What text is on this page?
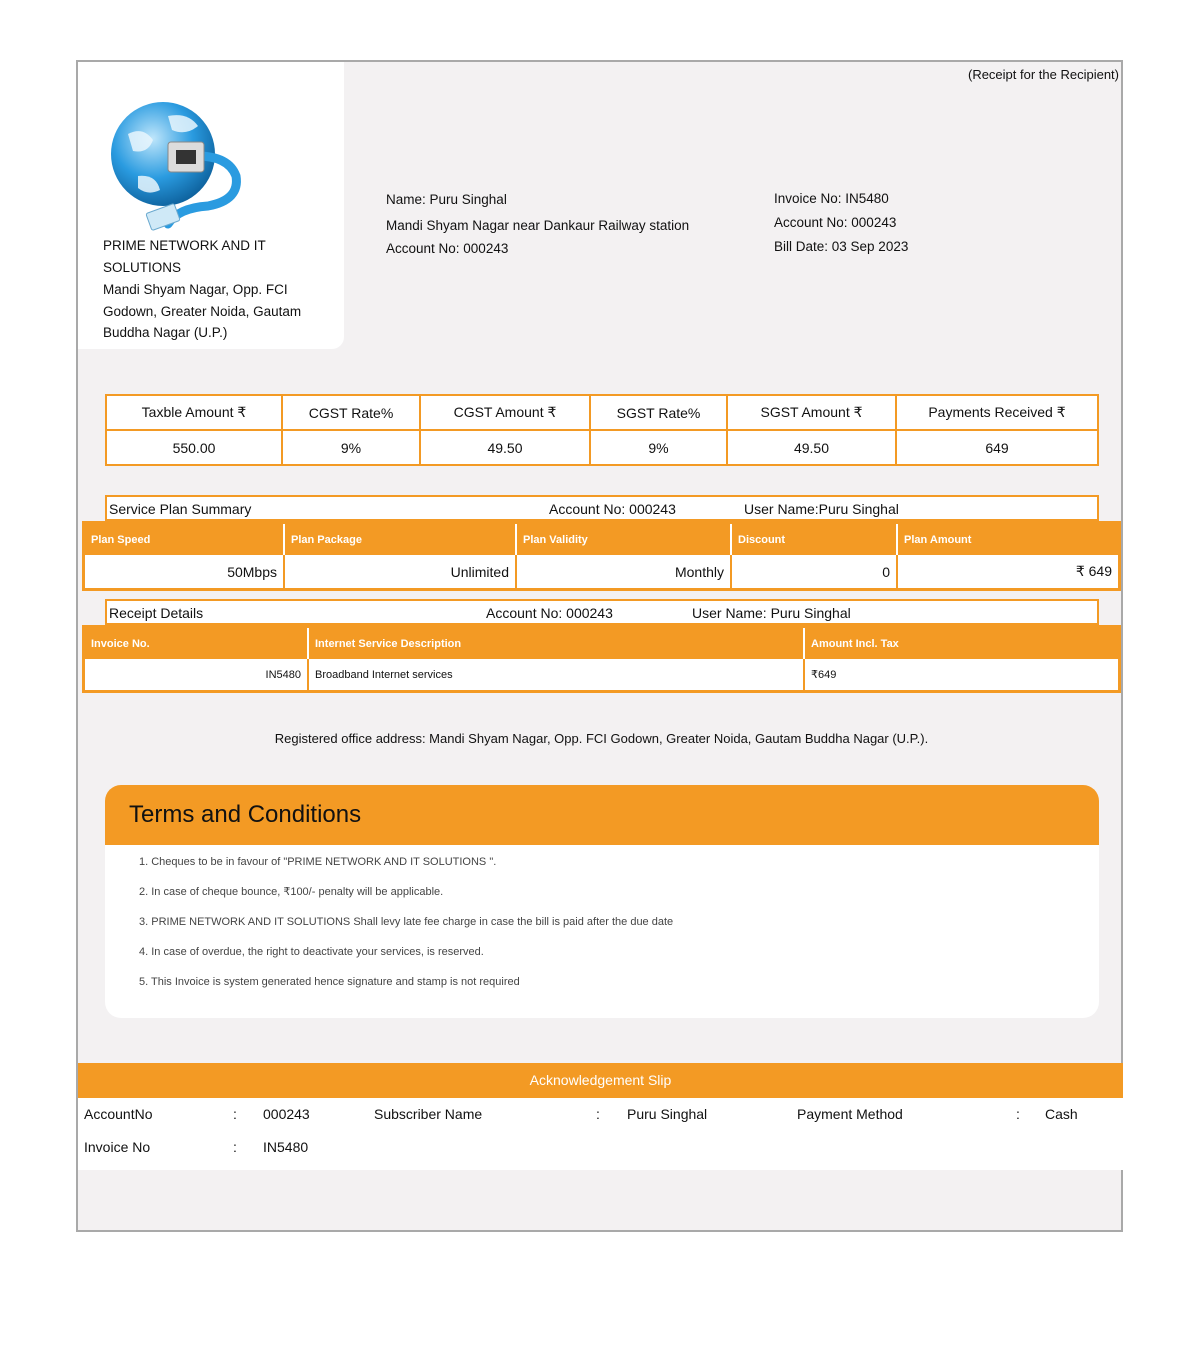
PRIME NETWORK AND IT SOLUTIONS
Mandi Shyam Nagar, Opp. FCI Godown, Greater Noida, Gautam Buddha Nagar (U.P.)
(Receipt for the Recipient)
Name: Puru Singhal
Mandi Shyam Nagar near Dankaur Railway station
Account No: 000243
Invoice No: IN5480
Account No: 000243
Bill Date: 03 Sep 2023
Taxble Amount ₹	CGST Rate%	CGST Amount ₹	SGST Rate%	SGST Amount ₹	Payments Received ₹
550.00	9%	49.50	9%	49.50	649
Service Plan Summary	Account No: 000243	User Name:Puru Singhal
Plan Speed	Plan Package	Plan Validity	Discount	Plan Amount
50Mbps	Unlimited	Monthly	0	₹ 649
Receipt Details	Account No: 000243	User Name: Puru Singhal
Invoice No.	Internet Service Description	Amount Incl. Tax
IN5480	Broadband Internet services	₹649
Registered office address: Mandi Shyam Nagar, Opp. FCI Godown, Greater Noida, Gautam Buddha Nagar (U.P.).
Terms and Conditions
1. Cheques to be in favour of "PRIME NETWORK AND IT SOLUTIONS ".
2. In case of cheque bounce, ₹100/- penalty will be applicable.
3. PRIME NETWORK AND IT SOLUTIONS Shall levy late fee charge in case the bill is paid after the due date
4. In case of overdue, the right to deactivate your services, is reserved.
5. This Invoice is system generated hence signature and stamp is not required
Acknowledgement Slip
AccountNo	: 000243	Subscriber Name	: Puru Singhal	Payment Method	: Cash
Invoice No	: IN5480
